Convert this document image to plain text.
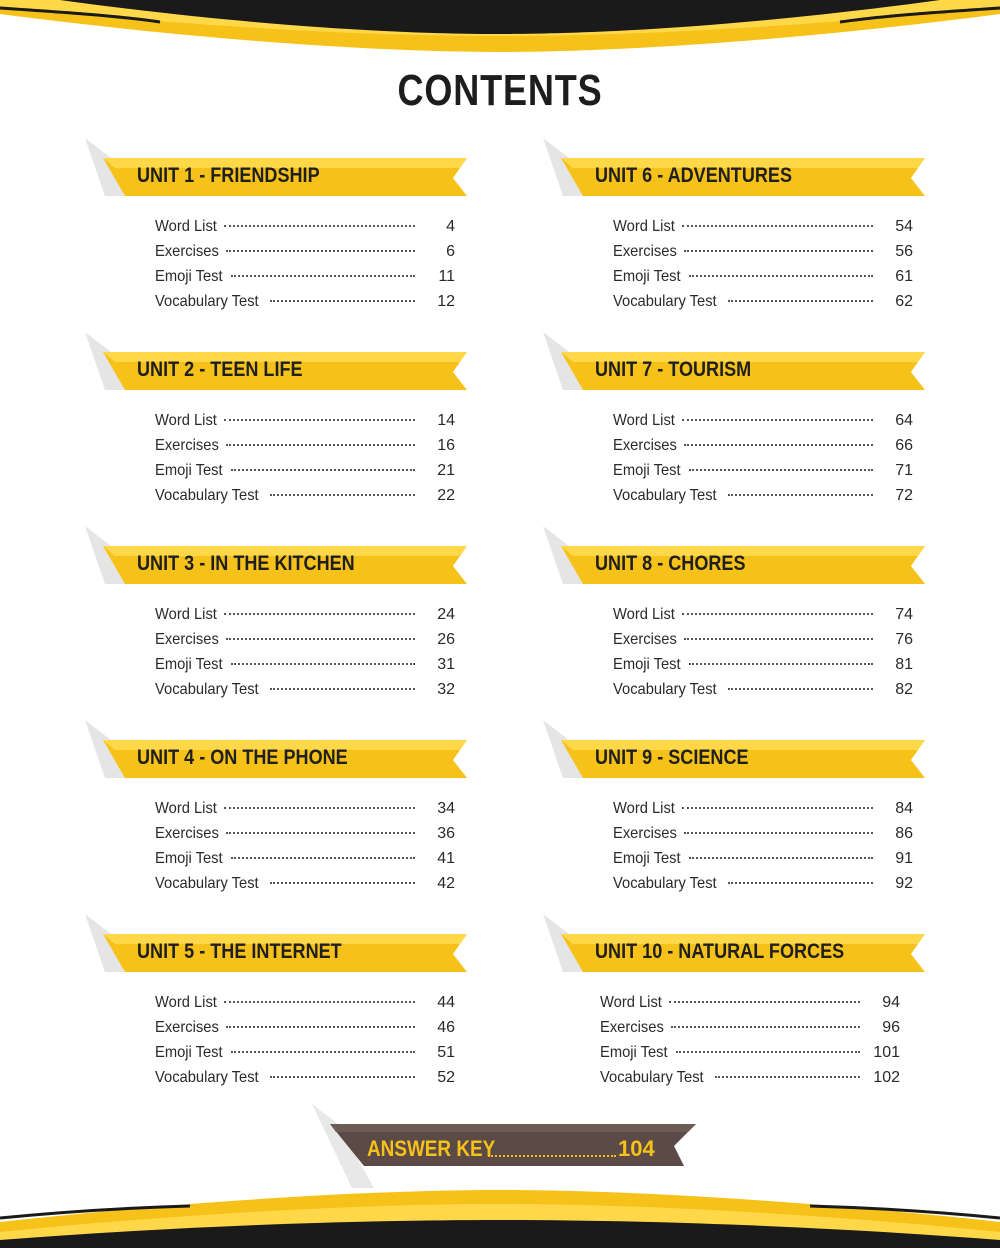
CONTENTS
UNIT 1 - FRIENDSHIP
Word List	4
Exercises	6
Emoji Test	11
Vocabulary Test	12
UNIT 2 - TEEN LIFE
Word List	14
Exercises	16
Emoji Test	21
Vocabulary Test	22
UNIT 3 - IN THE KITCHEN
Word List	24
Exercises	26
Emoji Test	31
Vocabulary Test	32
UNIT 4 - ON THE PHONE
Word List	34
Exercises	36
Emoji Test	41
Vocabulary Test	42
UNIT 5 - THE INTERNET
Word List	44
Exercises	46
Emoji Test	51
Vocabulary Test	52
UNIT 6 - ADVENTURES
Word List	54
Exercises	56
Emoji Test	61
Vocabulary Test	62
UNIT 7 - TOURISM
Word List	64
Exercises	66
Emoji Test	71
Vocabulary Test	72
UNIT 8 - CHORES
Word List	74
Exercises	76
Emoji Test	81
Vocabulary Test	82
UNIT 9 - SCIENCE
Word List	84
Exercises	86
Emoji Test	91
Vocabulary Test	92
UNIT 10 - NATURAL FORCES
Word List	94
Exercises	96
Emoji Test	101
Vocabulary Test	102
ANSWER KEY	104
